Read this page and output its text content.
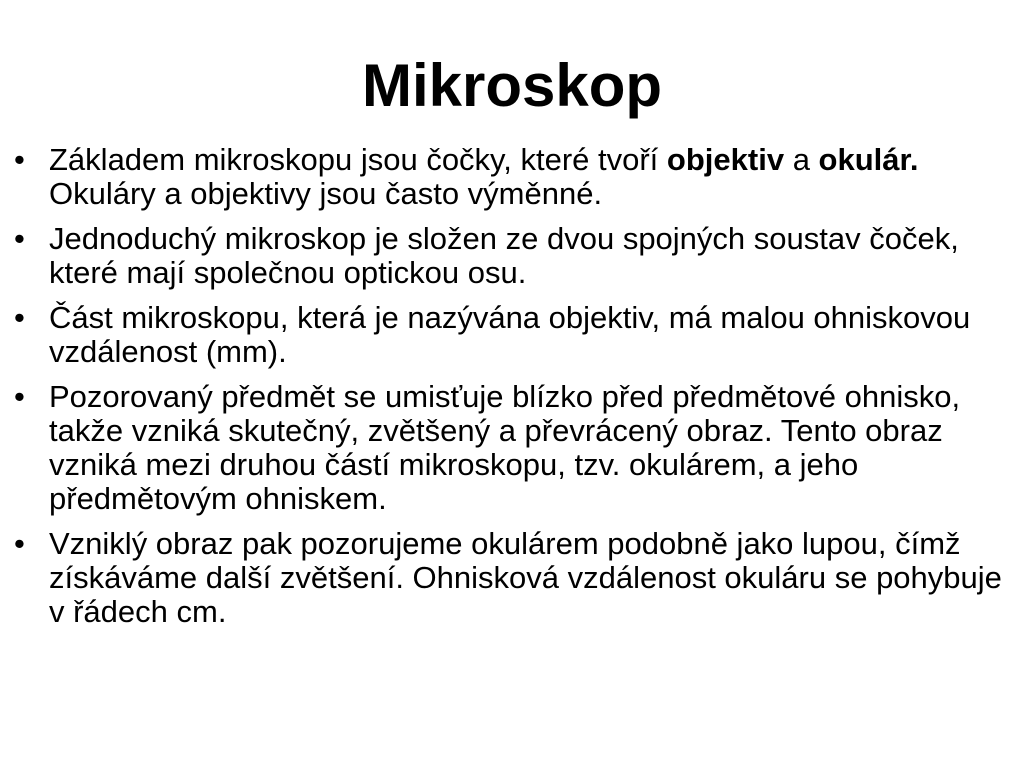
Mikroskop
• Základem mikroskopu jsou čočky, které tvoří objektiv a okulár. Okuláry a objektivy jsou často výměnné.
• Jednoduchý mikroskop je složen ze dvou spojných soustav čoček, které mají společnou optickou osu.
• Část mikroskopu, která je nazývána objektiv, má malou ohniskovou vzdálenost (mm).
• Pozorovaný předmět se umisťuje blízko před předmětové ohnisko, takže vzniká skutečný, zvětšený a převrácený obraz. Tento obraz vzniká mezi druhou částí mikroskopu, tzv. okulárem, a jeho předmětovým ohniskem.
• Vzniklý obraz pak pozorujeme okulárem podobně jako lupou, čímž získáváme další zvětšení. Ohnisková vzdálenost okuláru se pohybuje v řádech cm.
